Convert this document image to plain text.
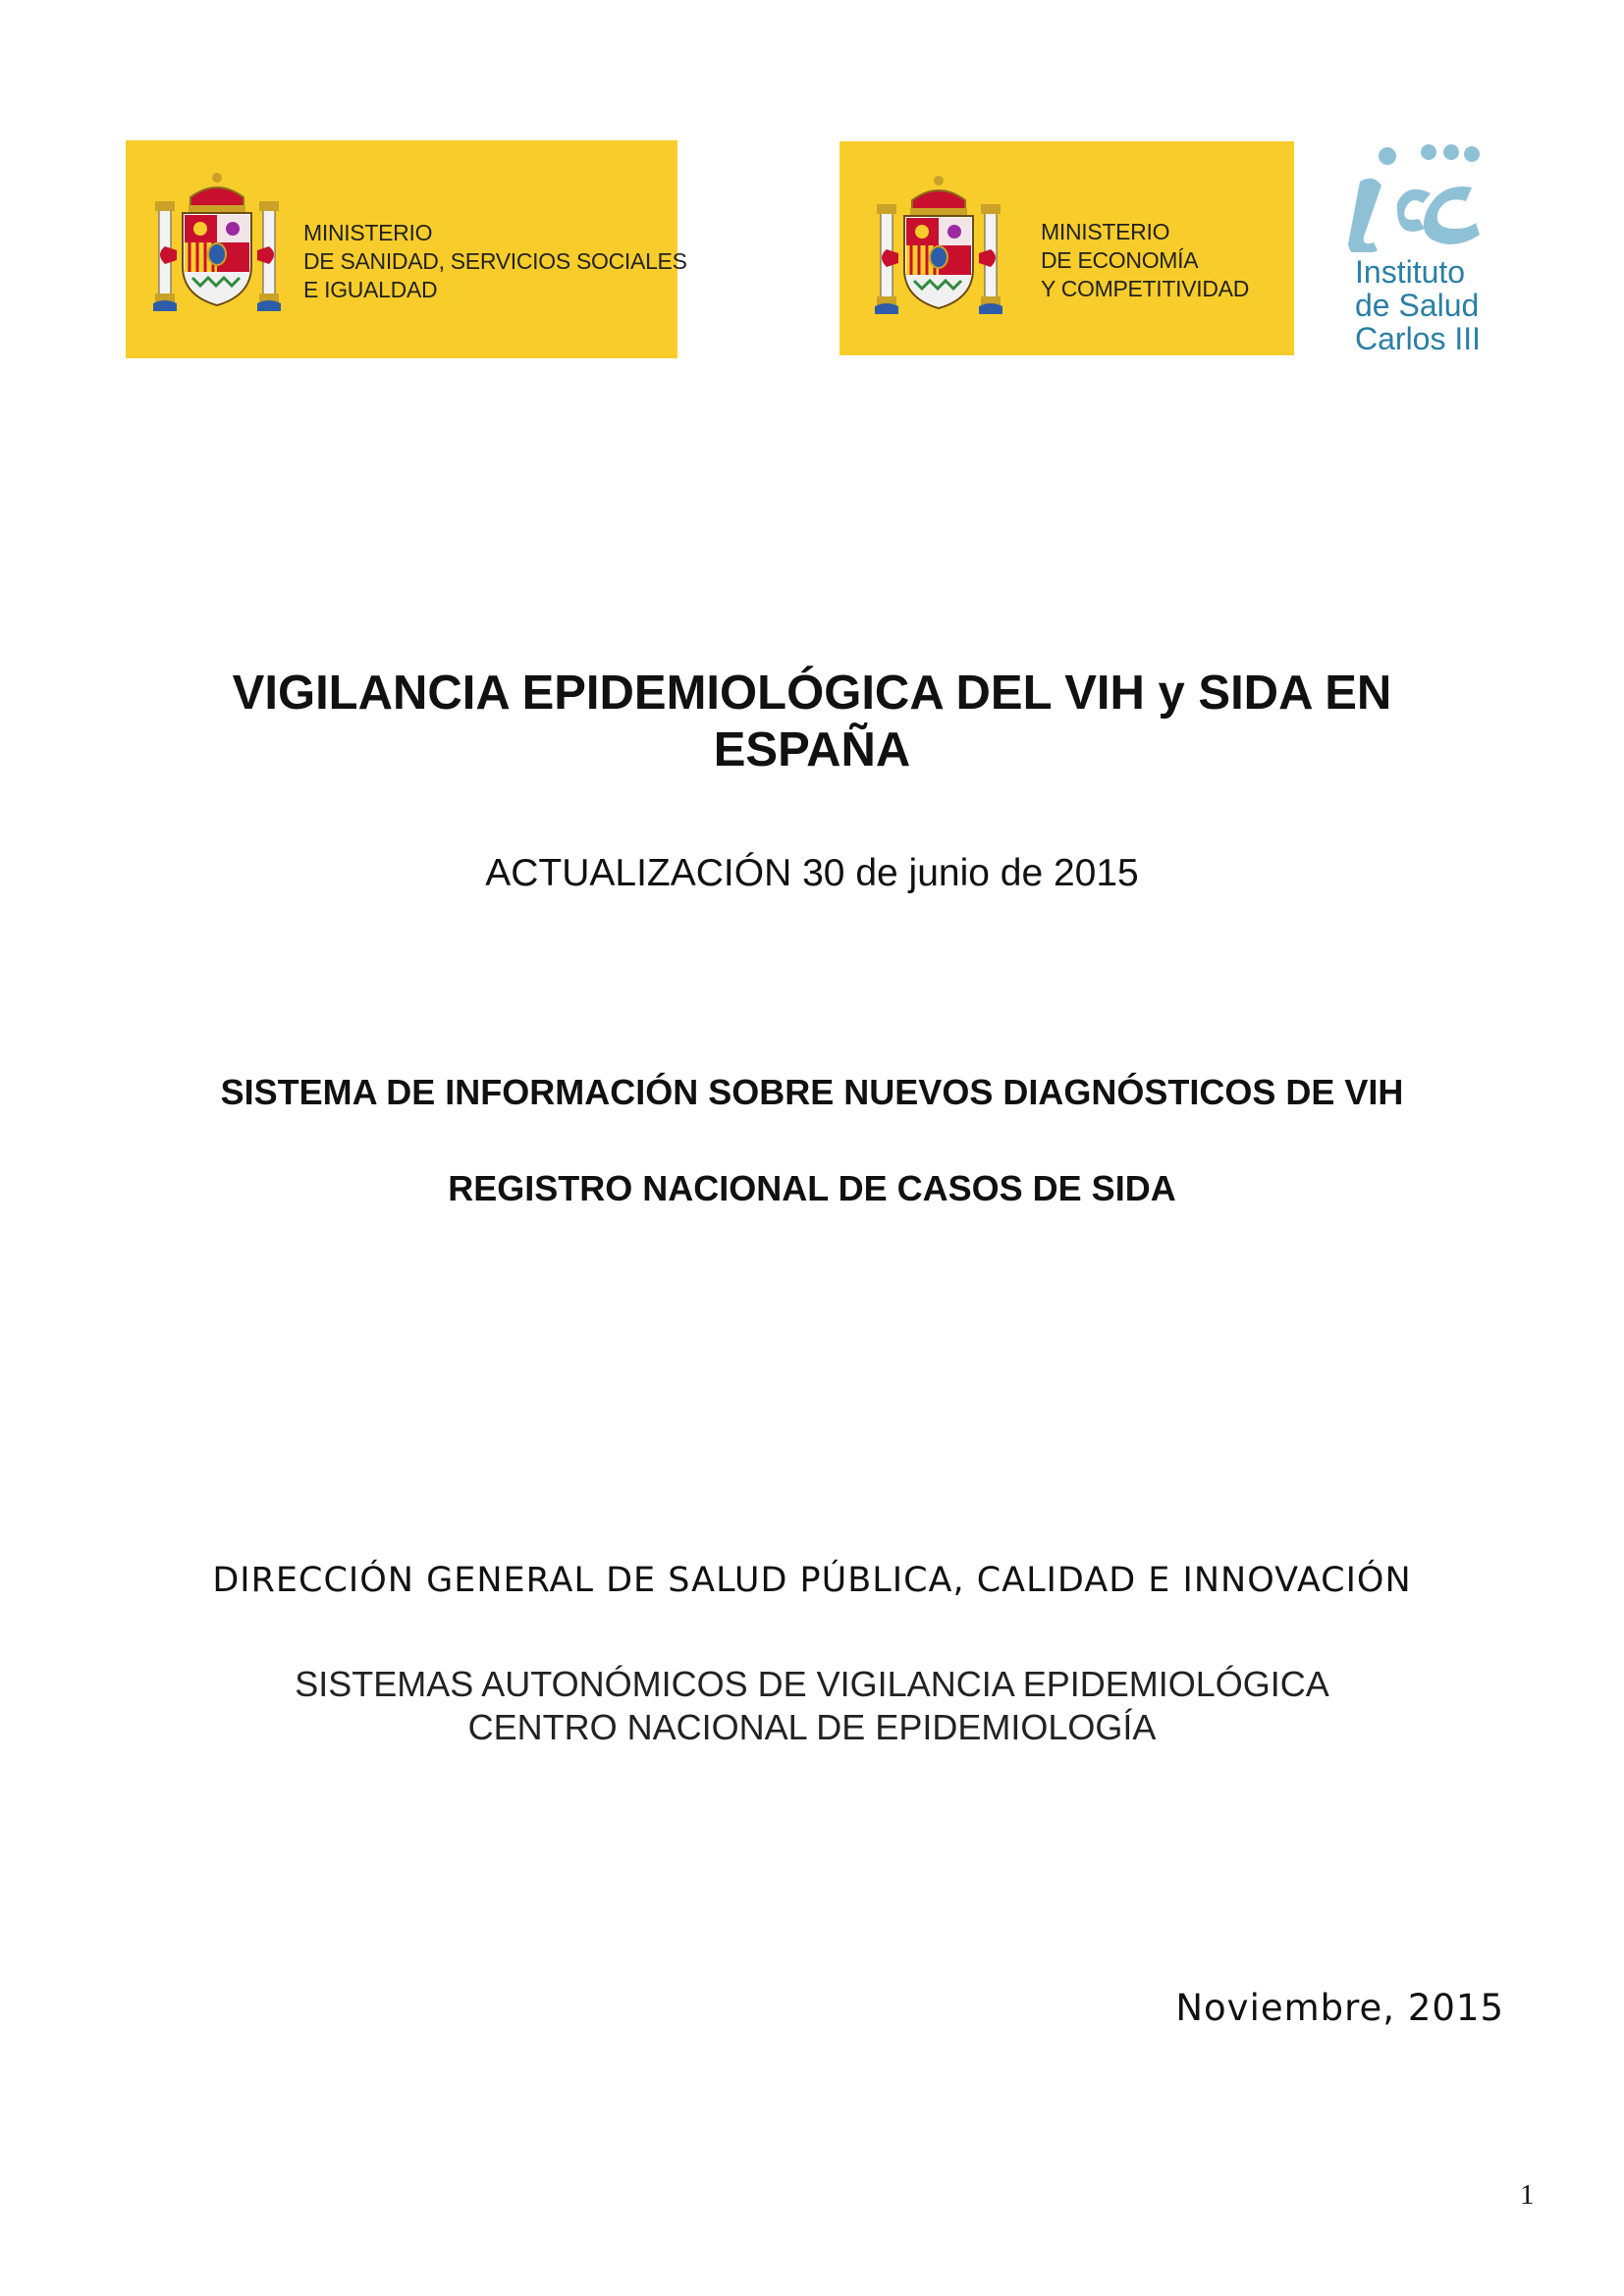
MINISTERIO
DE SANIDAD, SERVICIOS SOCIALES
E IGUALDAD
MINISTERIO
DE ECONOMÍA
Y COMPETITIVIDAD	Instituto
de Salud
Carlos III
VIGILANCIA EPIDEMIOLÓGICA DEL VIH y SIDA EN
ESPAÑA
ACTUALIZACIÓN 30 de junio de 2015
SISTEMA DE INFORMACIÓN SOBRE NUEVOS DIAGNÓSTICOS DE VIH
REGISTRO NACIONAL DE CASOS DE SIDA
DIRECCIÓN GENERAL DE SALUD PÚBLICA, CALIDAD E INNOVACIÓN
SISTEMAS AUTONÓMICOS DE VIGILANCIA EPIDEMIOLÓGICA
CENTRO NACIONAL DE EPIDEMIOLOGÍA
Noviembre, 2015
1
